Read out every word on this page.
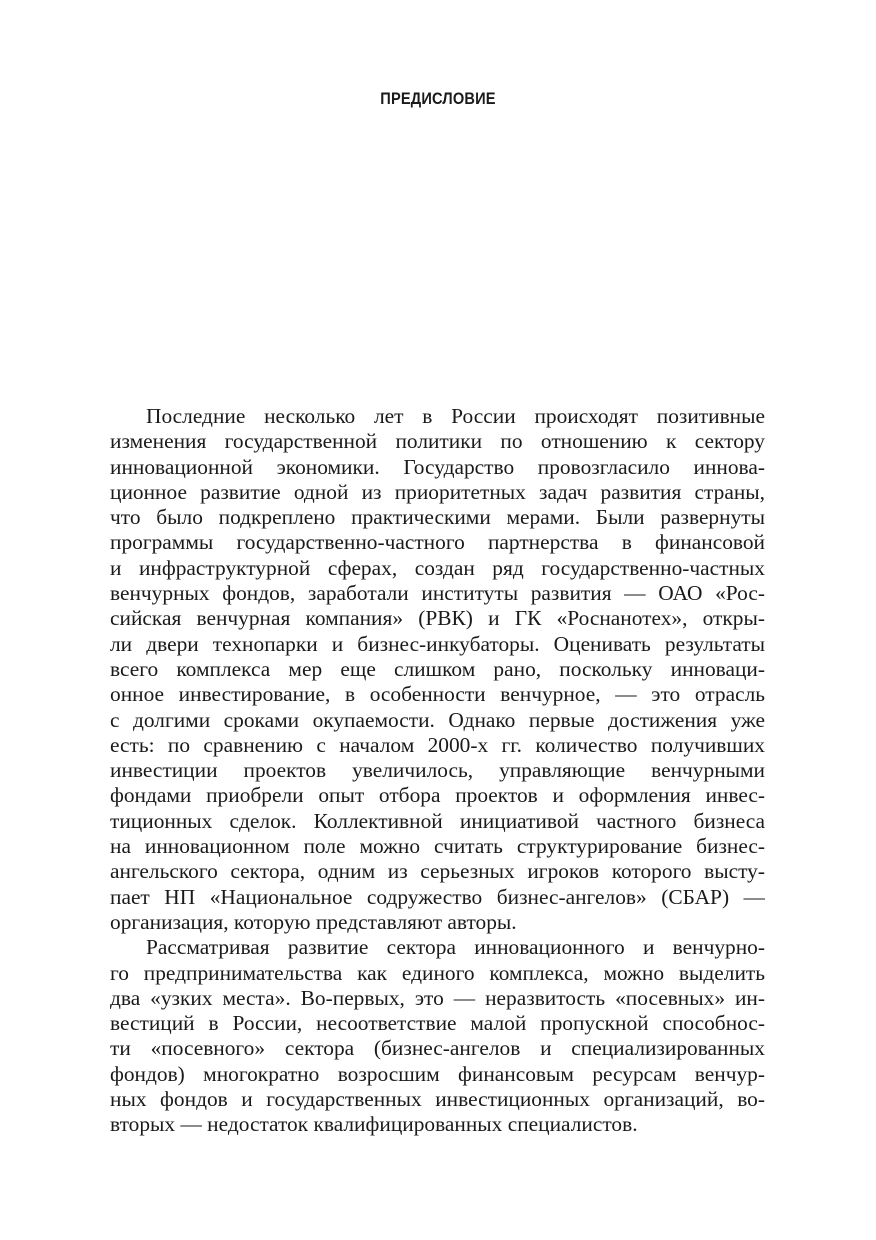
ПРЕДИСЛОВИЕ
Последние несколько лет в России происходят позитивные
изменения государственной политики по отношению к сектору
инновационной экономики. Государство провозгласило иннова-
ционное развитие одной из приоритетных задач развития страны,
что было подкреплено практическими мерами. Были развернуты
программы государственно-частного партнерства в финансовой
и инфраструктурной сферах, создан ряд государственно-частных
венчурных фондов, заработали институты развития — ОАО «Рос-
сийская венчурная компания» (РВК) и ГК «Роснанотех», откры-
ли двери технопарки и бизнес-инкубаторы. Оценивать результаты
всего комплекса мер еще слишком рано, поскольку инноваци-
онное инвестирование, в особенности венчурное, — это отрасль
с долгими сроками окупаемости. Однако первые достижения уже
есть: по сравнению с началом 2000-х гг. количество получивших
инвестиции проектов увеличилось, управляющие венчурными
фондами приобрели опыт отбора проектов и оформления инвес-
тиционных сделок. Коллективной инициативой частного бизнеса
на инновационном поле можно считать структурирование бизнес-
ангельского сектора, одним из серьезных игроков которого высту-
пает НП «Национальное содружество бизнес-ангелов» (СБАР) —
организация, которую представляют авторы.
Рассматривая развитие сектора инновационного и венчурно-
го предпринимательства как единого комплекса, можно выделить
два «узких места». Во-первых, это — неразвитость «посевных» ин-
вестиций в России, несоответствие малой пропускной способнос-
ти «посевного» сектора (бизнес-ангелов и специализированных
фондов) многократно возросшим финансовым ресурсам венчур-
ных фондов и государственных инвестиционных организаций, во-
вторых — недостаток квалифицированных специалистов.
